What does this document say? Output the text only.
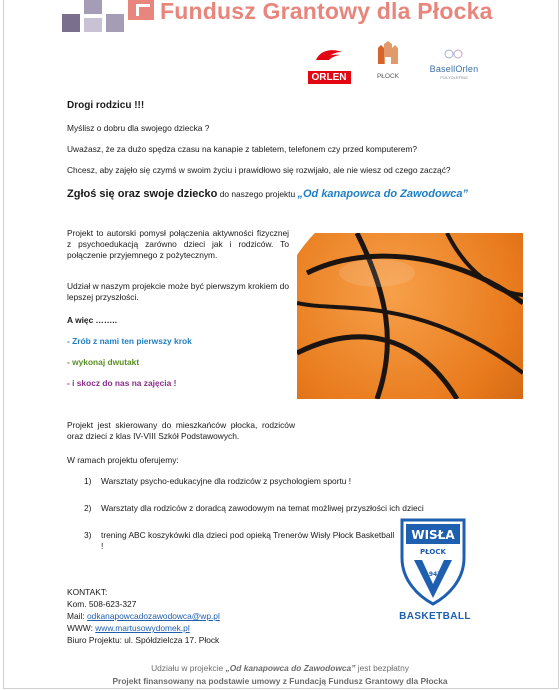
Fundusz Grantowy dla Płocka
ORLEN	PŁOCK
BasellOrlen
POLYOLEFINS
Drogi rodzicu !!!
Myślisz o dobru dla swojego dziecka ?
Uważasz, że za dużo spędza czasu na kanapie z tabletem, telefonem czy przed komputerem?
Chcesz, aby zajęło się czymś w swoim życiu i prawidłowo się rozwijało, ale nie wiesz od czego zacząć?
Zgłoś się oraz swoje dziecko do naszego projektu „Od kanapowca do Zawodowca”
Projekt to autorski pomysł połączenia aktywności fizycznej z psychoedukacją zarówno dzieci jak i rodziców. To połączenie przyjemnego z pożytecznym.
Udział w naszym projekcie może być pierwszym krokiem do lepszej przyszłości.
A więc ……..
- Zrób z nami ten pierwszy krok
- wykonaj dwutakt
- i skocz do nas na zajęcia !
Projekt jest skierowany do mieszkańców płocka, rodziców oraz dzieci z klas IV-VIII Szkół Podstawowych.
W ramach projektu oferujemy:
1) Warsztaty psycho-edukacyjne dla rodziców z psychologiem sportu !
2) Warsztaty dla rodziców z doradcą zawodowym na temat możliwej przyszłości ich dzieci
3) trening ABC koszykówki dla dzieci pod opieką Trenerów Wisły Płock Basketball !
WISŁA
PŁOCK
1947
BASKETBALL
KONTAKT:
Kom. 508-623-327
Mail: odkanapowcadozawodowca@wp.pl
WWW: www.martusowydomek.pl
Biuro Projektu: ul. Spółdzielcza 17. Płock
Udziału w projekcie „Od kanapowca do Zawodowca” jest bezpłatny
Projekt finansowany na podstawie umowy z Fundacją Fundusz Grantowy dla Płocka
